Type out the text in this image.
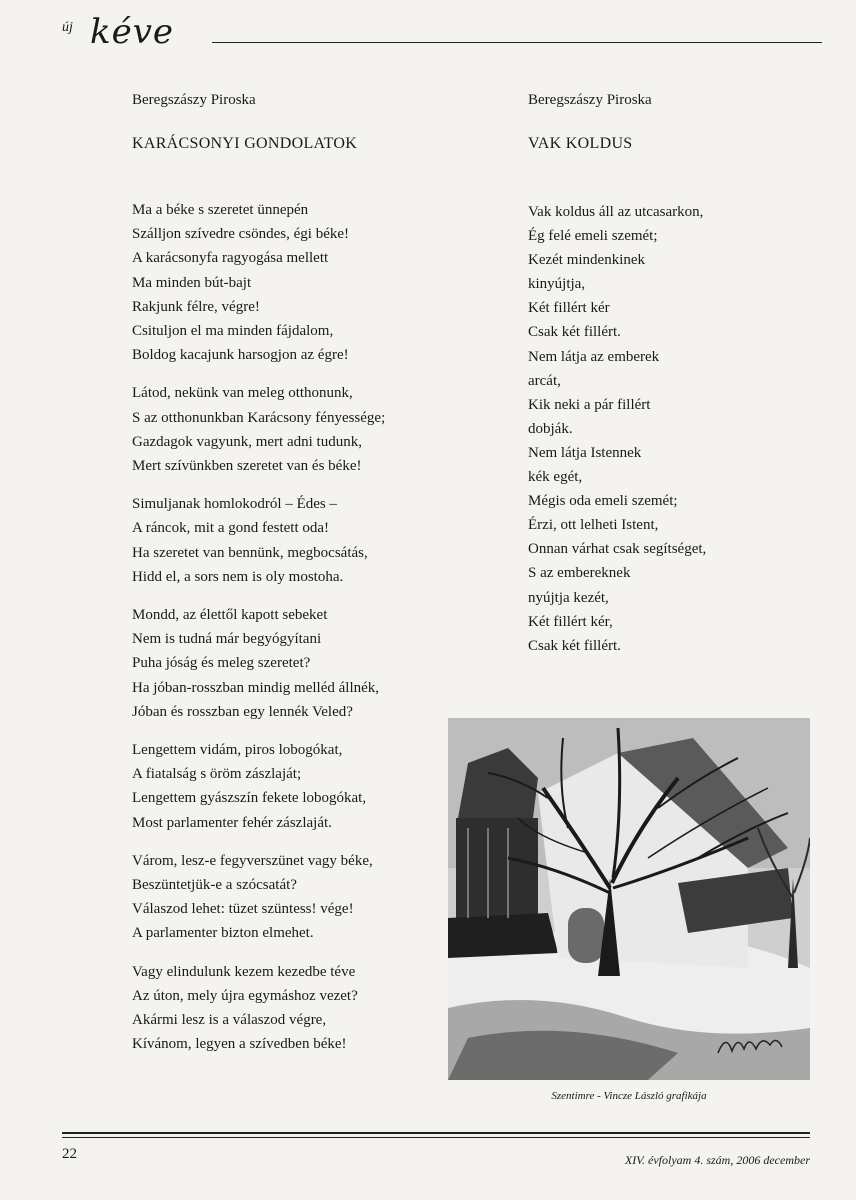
új kéve

Beregszászy Piroska

KARÁCSONYI GONDOLATOK

Ma a béke s szeretet ünnepén
Szálljon szívedre csöndes, égi béke!
A karácsonyfa ragyogása mellett
Ma minden bút-bajt
Rakjunk félre, végre!
Csituljon el ma minden fájdalom,
Boldog kacajunk harsogjon az égre!
Látod, nekünk van meleg otthonunk,
S az otthonunkban Karácsony fényessége;
Gazdagok vagyunk, mert adni tudunk,
Mert szívünkben szeretet van és béke!
Simuljanak homlokodról – Édes –
A ráncok, mit a gond festett oda!
Ha szeretet van bennünk, megbocsátás,
Hidd el, a sors nem is oly mostoha.
Mondd, az élettől kapott sebeket
Nem is tudná már begyógyítani
Puha jóság és meleg szeretet?
Ha jóban-rosszban mindig melléd állnék,
Jóban és rosszban egy lennék Veled?
Lengettem vidám, piros lobogókat,
A fiatalság s öröm zászlaját;
Lengettem gyászszín fekete lobogókat,
Most parlamenter fehér zászlaját.
Várom, lesz-e fegyverszünet vagy béke,
Beszüntetjük-e a szócsatát?
Válaszod lehet: tüzet szüntess! vége!
A parlamenter bizton elmehet.
Vagy elindulunk kezem kezedbe téve
Az úton, mely újra egymáshoz vezet?
Akármi lesz is a válaszod végre,
Kívánom, legyen a szívedben béke!

Beregszászy Piroska

VAK KOLDUS

Vak koldus áll az utcasarkon,
Ég felé emeli szemét;
Kezét mindenkinek
kinyújtja,
Két fillért kér
Csak két fillért.
Nem látja az emberek
arcát,
Kik neki a pár fillért
dobják.
Nem látja Istennek
kék egét,
Mégis oda emeli szemét;
Érzi, ott lelheti Istent,
Onnan várhat csak segítséget,
S az embereknek
nyújtja kezét,
Két fillért kér,
Csak két fillért.
Szentimre - Vincze László grafikája
22	XIV. évfolyam 4. szám, 2006 december
